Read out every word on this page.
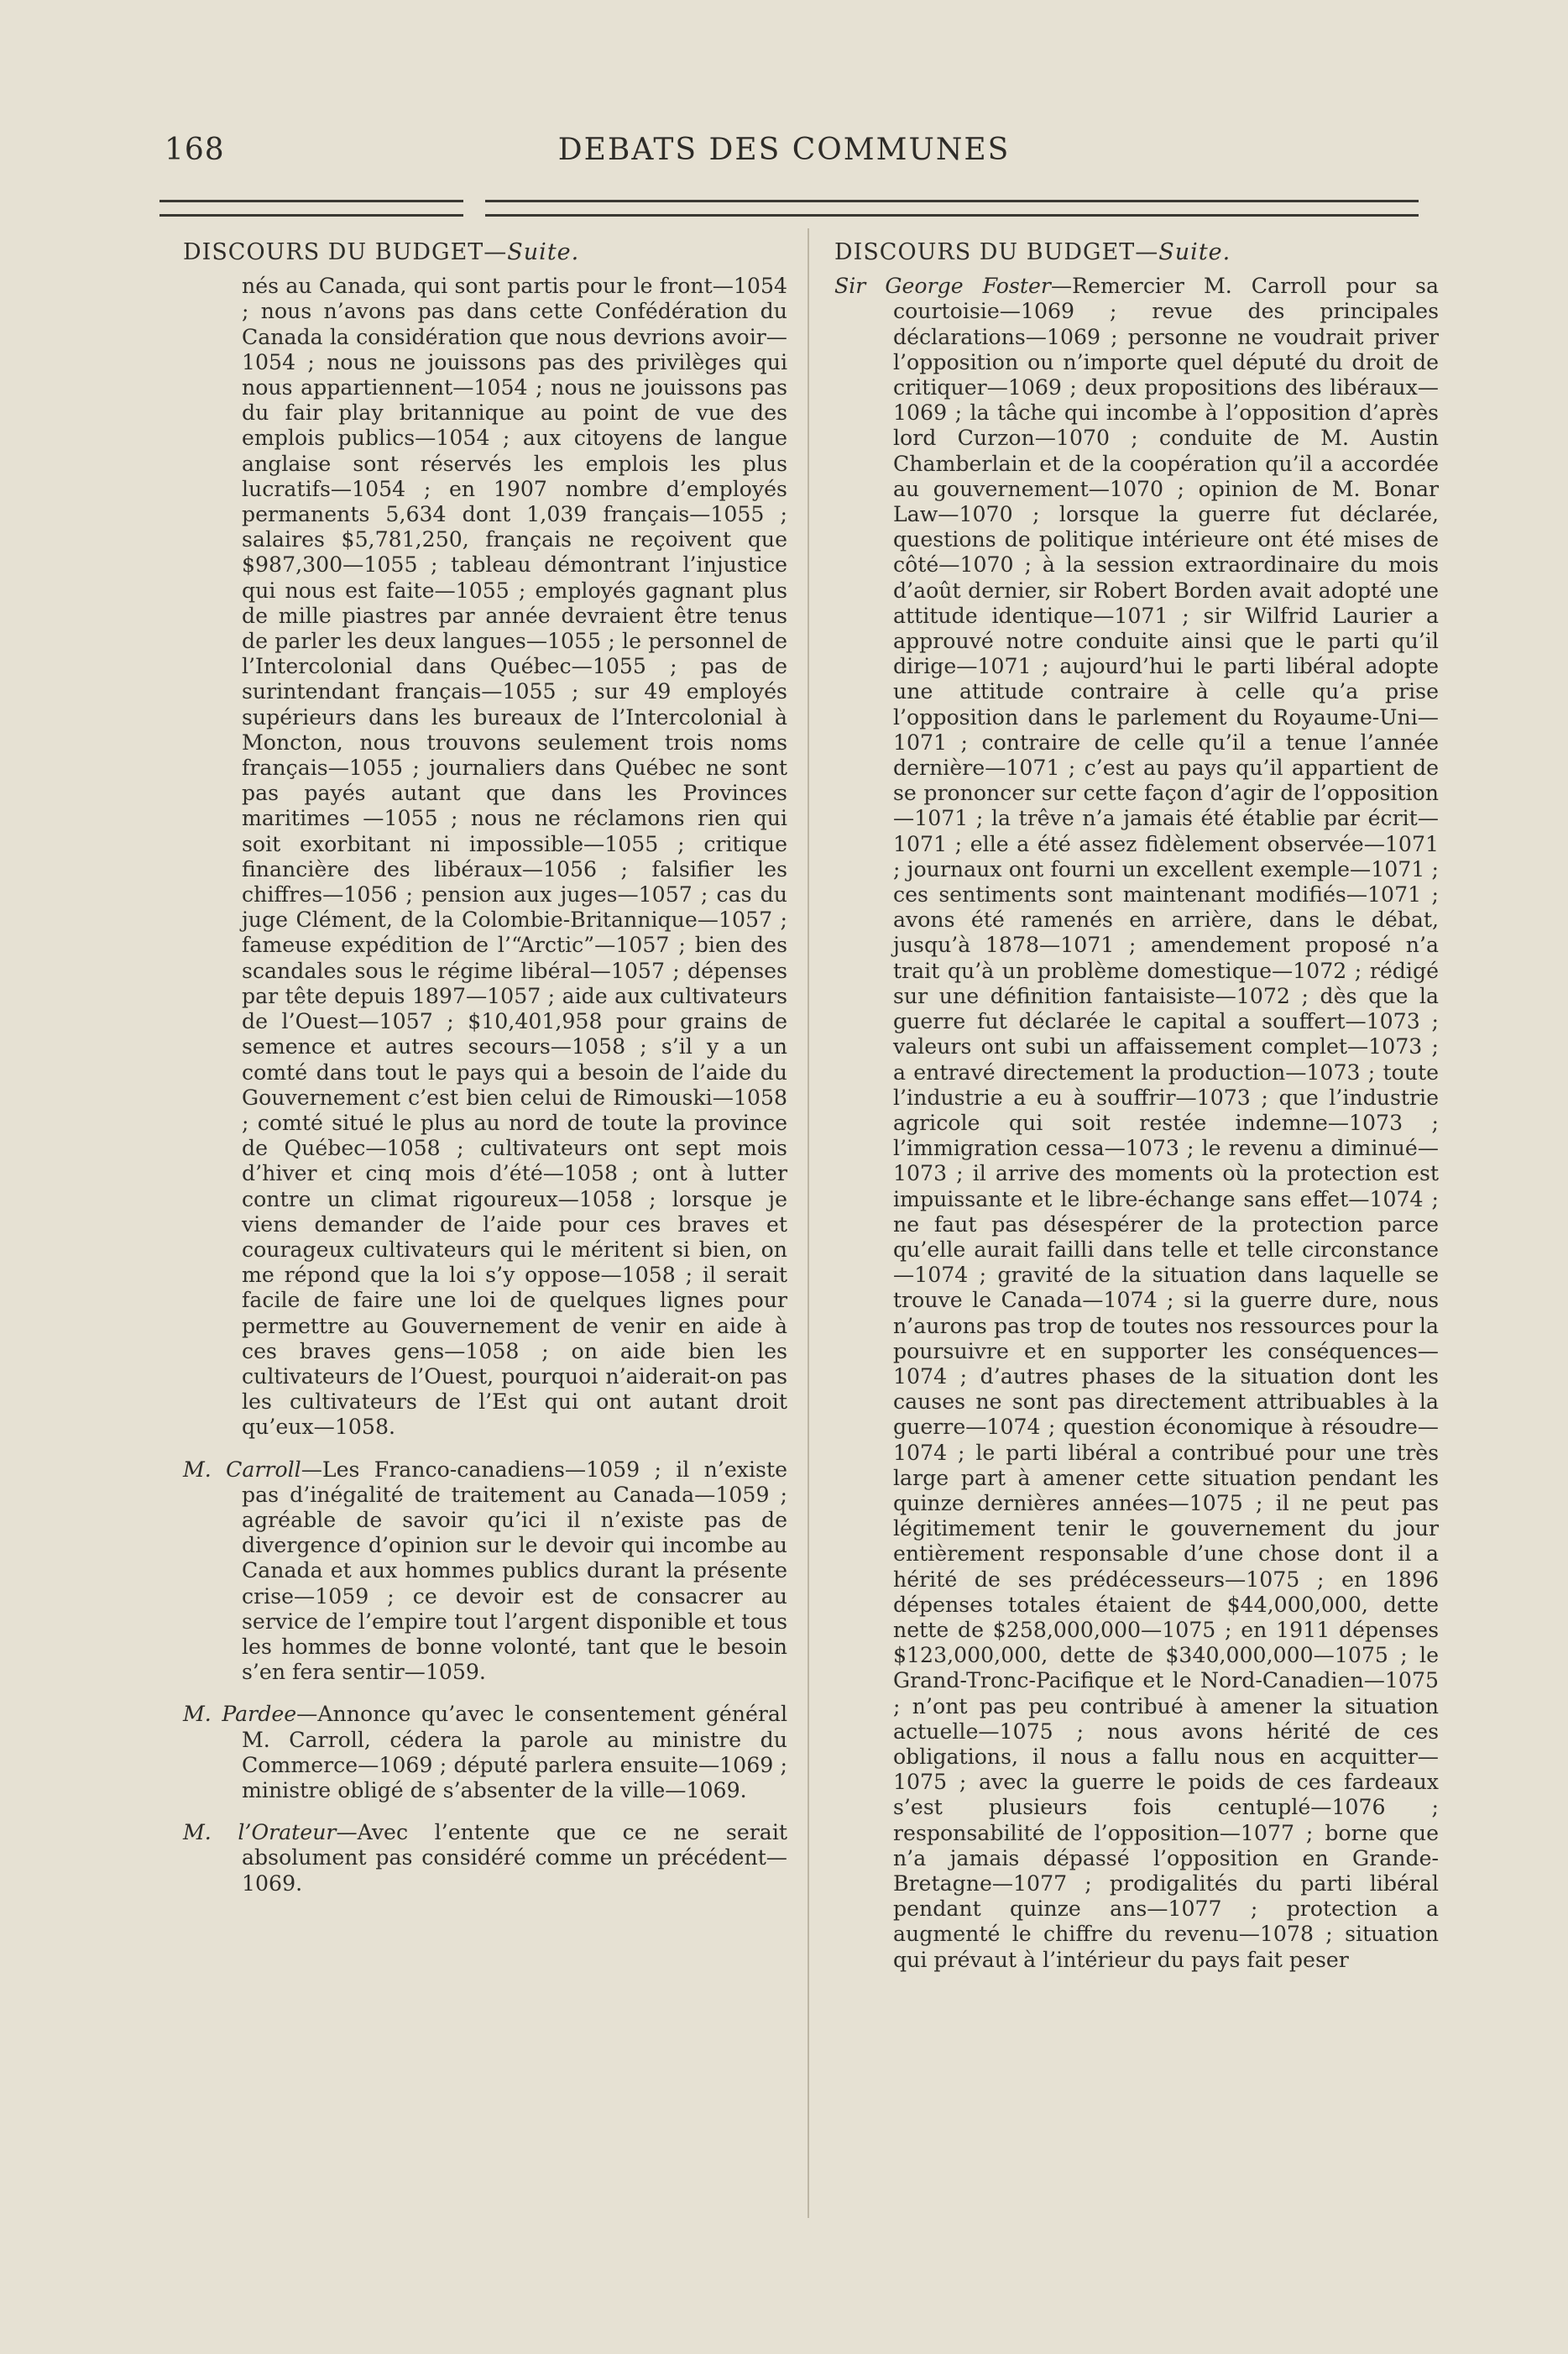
168	DEBATS DES COMMUNES
DISCOURS DU BUDGET—Suite.

nés au Canada, qui sont partis pour le front—1054 ; nous n’avons pas dans cette Confédération du Canada la considération que nous devrions avoir—1054 ; nous ne jouissons pas des privilèges qui nous appartiennent—1054 ; nous ne jouissons pas du fair play britannique au point de vue des emplois publics—1054 ; aux citoyens de langue anglaise sont réservés les emplois les plus lucratifs—1054 ; en 1907 nombre d’employés permanents 5,634 dont 1,039 français—1055 ; salaires $5,781,250, français ne reçoivent que $987,300—1055 ; tableau démontrant l’injustice qui nous est faite—1055 ; employés gagnant plus de mille piastres par année devraient être tenus de parler les deux langues—1055 ; le personnel de l’Intercolonial dans Québec—1055 ; pas de surintendant français—1055 ; sur 49 employés supérieurs dans les bureaux de l’Intercolonial à Moncton, nous trouvons seulement trois noms français—1055 ; journaliers dans Québec ne sont pas payés autant que dans les Provinces maritimes —1055 ; nous ne réclamons rien qui soit exorbitant ni impossible—1055 ; critique financière des libéraux—1056 ; falsifier les chiffres—1056 ; pension aux juges—1057 ; cas du juge Clément, de la Colombie-Britannique—1057 ; fameuse expédition de l’“Arctic”—1057 ; bien des scandales sous le régime libéral—1057 ; dépenses par tête depuis 1897—1057 ; aide aux cultivateurs de l’Ouest—1057 ; $10,401,958 pour grains de semence et autres secours—1058 ; s’il y a un comté dans tout le pays qui a besoin de l’aide du Gouvernement c’est bien celui de Rimouski—1058 ; comté situé le plus au nord de toute la province de Québec—1058 ; cultivateurs ont sept mois d’hiver et cinq mois d’été—1058 ; ont à lutter contre un climat rigoureux—1058 ; lorsque je viens demander de l’aide pour ces braves et courageux cultivateurs qui le méritent si bien, on me répond que la loi s’y oppose—1058 ; il serait facile de faire une loi de quelques lignes pour permettre au Gouvernement de venir en aide à ces braves gens—1058 ; on aide bien les cultivateurs de l’Ouest, pourquoi n’aiderait-on pas les cultivateurs de l’Est qui ont autant droit qu’eux—1058.

M. Carroll—Les Franco-canadiens—1059 ; il n’existe pas d’inégalité de traitement au Canada—1059 ; agréable de savoir qu’ici il n’existe pas de divergence d’opinion sur le devoir qui incombe au Canada et aux hommes publics durant la présente crise—1059 ; ce devoir est de consacrer au service de l’empire tout l’argent disponible et tous les hommes de bonne volonté, tant que le besoin s’en fera sentir—1059.

M. Pardee—Annonce qu’avec le consentement général M. Carroll, cédera la parole au ministre du Commerce—1069 ; député parlera ensuite—1069 ; ministre obligé de s’absenter de la ville—1069.

M. l’Orateur—Avec l’entente que ce ne serait absolument pas considéré comme un précédent—1069.

DISCOURS DU BUDGET—Suite.

Sir George Foster—Remercier M. Carroll pour sa courtoisie—1069 ; revue des principales déclarations—1069 ; personne ne voudrait priver l’opposition ou n’importe quel député du droit de critiquer—1069 ; deux propositions des libéraux—1069 ; la tâche qui incombe à l’opposition d’après lord Curzon—1070 ; conduite de M. Austin Chamberlain et de la coopération qu’il a accordée au gouvernement—1070 ; opinion de M. Bonar Law—1070 ; lorsque la guerre fut déclarée, questions de politique intérieure ont été mises de côté—1070 ; à la session extraordinaire du mois d’août dernier, sir Robert Borden avait adopté une attitude identique—1071 ; sir Wilfrid Laurier a approuvé notre conduite ainsi que le parti qu’il dirige—1071 ; aujourd’hui le parti libéral adopte une attitude contraire à celle qu’a prise l’opposition dans le parlement du Royaume-Uni—1071 ; contraire de celle qu’il a tenue l’année dernière—1071 ; c’est au pays qu’il appartient de se prononcer sur cette façon d’agir de l’opposition—1071 ; la trêve n’a jamais été établie par écrit—1071 ; elle a été assez fidèlement observée—1071 ; journaux ont fourni un excellent exemple—1071 ; ces sentiments sont maintenant modifiés—1071 ; avons été ramenés en arrière, dans le débat, jusqu’à 1878—1071 ; amendement proposé n’a trait qu’à un problème domestique—1072 ; rédigé sur une définition fantaisiste—1072 ; dès que la guerre fut déclarée le capital a souffert—1073 ; valeurs ont subi un affaissement complet—1073 ; a entravé directement la production—1073 ; toute l’industrie a eu à souffrir—1073 ; que l’industrie agricole qui soit restée indemne—1073 ; l’immigration cessa—1073 ; le revenu a diminué—1073 ; il arrive des moments où la protection est impuissante et le libre-échange sans effet—1074 ; ne faut pas désespérer de la protection parce qu’elle aurait failli dans telle et telle circonstance—1074 ; gravité de la situation dans laquelle se trouve le Canada—1074 ; si la guerre dure, nous n’aurons pas trop de toutes nos ressources pour la poursuivre et en supporter les conséquences—1074 ; d’autres phases de la situation dont les causes ne sont pas directement attribuables à la guerre—1074 ; question économique à résoudre—1074 ; le parti libéral a contribué pour une très large part à amener cette situation pendant les quinze dernières années—1075 ; il ne peut pas légitimement tenir le gouvernement du jour entièrement responsable d’une chose dont il a hérité de ses prédécesseurs—1075 ; en 1896 dépenses totales étaient de $44,000,000, dette nette de $258,000,000—1075 ; en 1911 dépenses $123,000,000, dette de $340,000,000—1075 ; le Grand-Tronc-Pacifique et le Nord-Canadien—1075 ; n’ont pas peu contribué à amener la situation actuelle—1075 ; nous avons hérité de ces obligations, il nous a fallu nous en acquitter—1075 ; avec la guerre le poids de ces fardeaux s’est plusieurs fois centuplé—1076 ; responsabilité de l’opposition—1077 ; borne que n’a jamais dépassé l’opposition en Grande-Bretagne—1077 ; prodigalités du parti libéral pendant quinze ans—1077 ; protection a augmenté le chiffre du revenu—1078 ; situation qui prévaut à l’intérieur du pays fait peser
